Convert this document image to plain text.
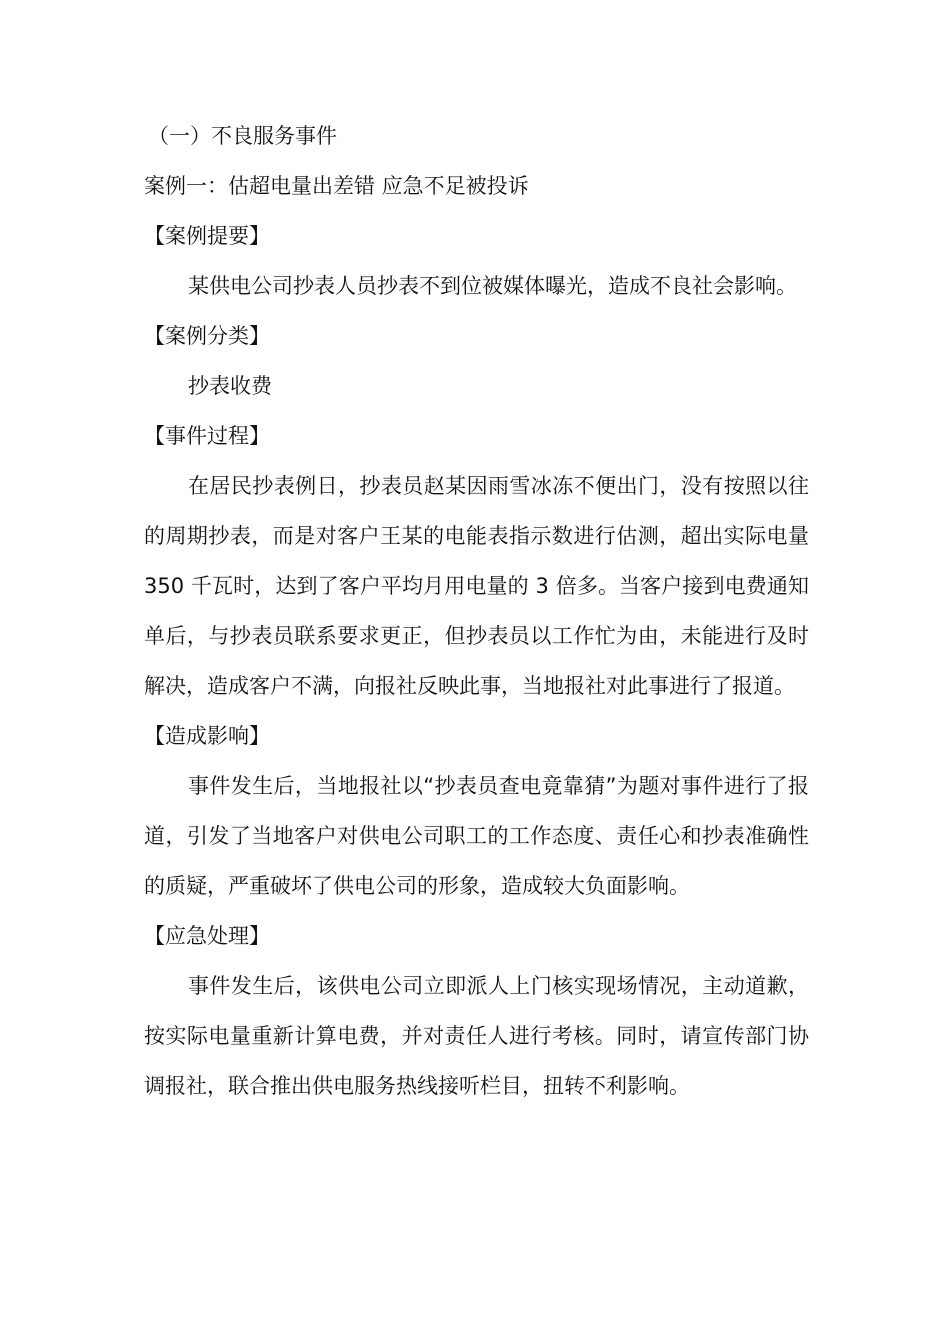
（一）不良服务事件

案例一：估超电量出差错 应急不足被投诉

【案例提要】

某供电公司抄表人员抄表不到位被媒体曝光，造成不良社会影响。

【案例分类】

抄表收费

【事件过程】

在居民抄表例日，抄表员赵某因雨雪冰冻不便出门，没有按照以往的周期抄表，而是对客户王某的电能表指示数进行估测，超出实际电量 350 千瓦时，达到了客户平均月用电量的 3 倍多。当客户接到电费通知单后，与抄表员联系要求更正，但抄表员以工作忙为由，未能进行及时解决，造成客户不满，向报社反映此事，当地报社对此事进行了报道。

【造成影响】

事件发生后，当地报社以“抄表员查电竟靠猜”为题对事件进行了报道，引发了当地客户对供电公司职工的工作态度、责任心和抄表准确性的质疑，严重破坏了供电公司的形象，造成较大负面影响。

【应急处理】

事件发生后，该供电公司立即派人上门核实现场情况，主动道歉，按实际电量重新计算电费，并对责任人进行考核。同时，请宣传部门协调报社，联合推出供电服务热线接听栏目，扭转不利影响。
